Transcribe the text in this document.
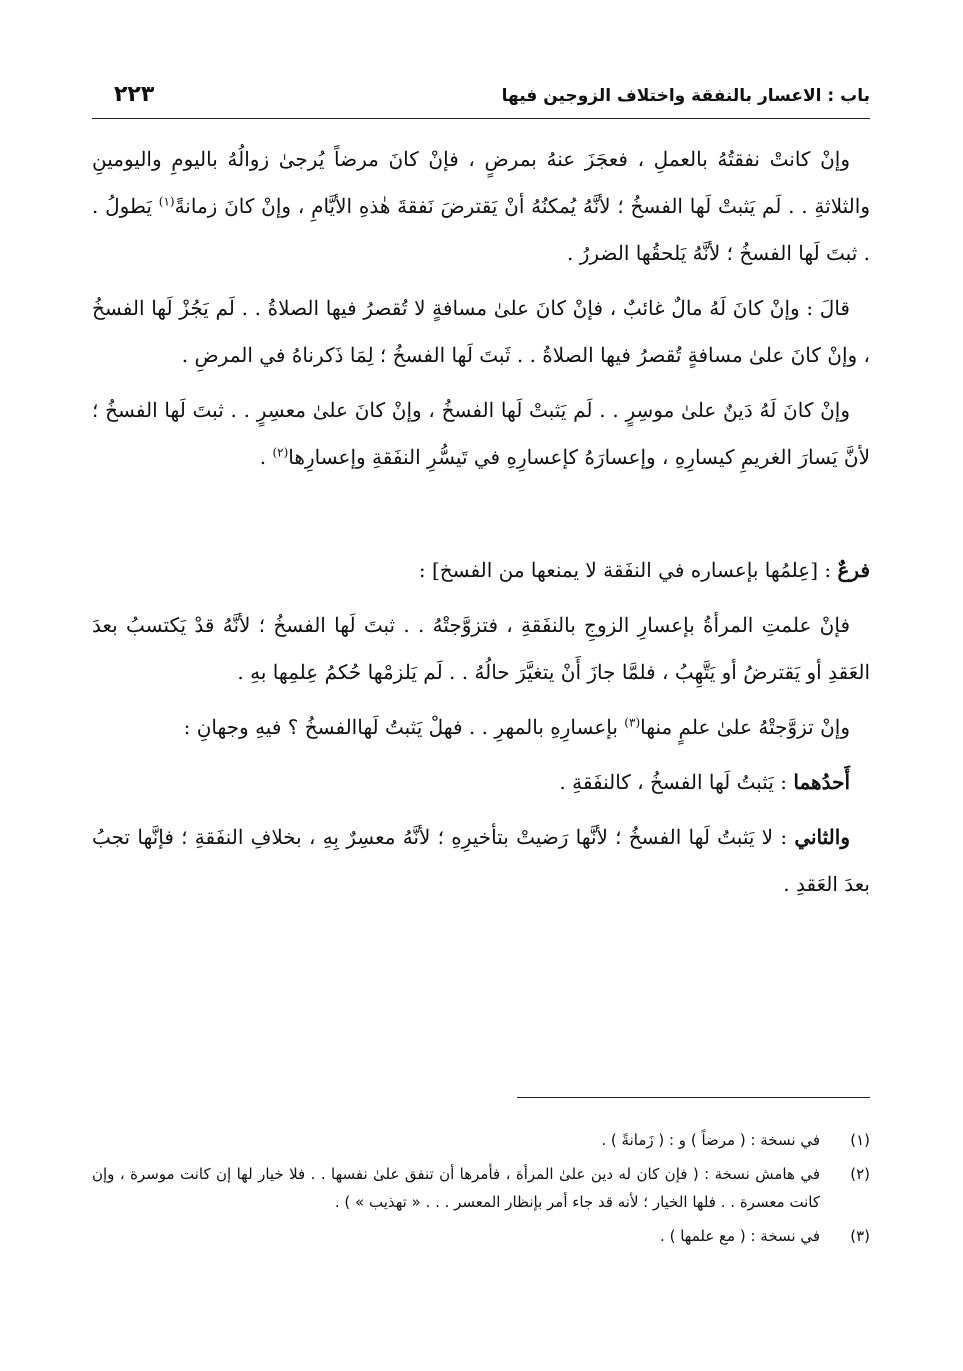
باب : الاعسار بالنفقة واختلاف الزوجين فيها
٢٢٣

وإنْ كانتْ نفقتُهُ بالعملِ ، فعجَزَ عنهُ بمرضٍ ، فإنْ كانَ مرضاً يُرجىٰ زوالُهُ باليومِ واليومينِ والثلاثةِ . . لَم يَثبتْ لَها الفسخُ ؛ لأنَّهُ يُمكنُهُ أنْ يَقترضَ نَفقةَ هٰذهِ الأيَّامِ ، وإنْ كانَ زمانةً$^{(١)}$ يَطولُ . . ثبتَ لَها الفسخُ ؛ لأنَّهُ يَلحقُها الضررُ .

قالَ : وإنْ كانَ لَهُ مالٌ غائبٌ ، فإنْ كانَ علىٰ مسافةٍ لا تُقصرُ فيها الصلاةُ . . لَم يَجُزْ لَها الفسخُ ، وإنْ كانَ علىٰ مسافةٍ تُقصرُ فيها الصلاةُ . . ثَبتَ لَها الفسخُ ؛ لِمَا ذَكرناهُ في المرضِ .

وإنْ كانَ لَهُ دَينٌ علىٰ موسِرٍ . . لَم يَثبتْ لَها الفسخُ ، وإنْ كانَ علىٰ معسِرٍ . . ثبتَ لَها الفسخُ ؛ لأنَّ يَسارَ الغريمِ كيسارِهِ ، وإعسارَهُ كإعسارِهِ في تَيسُّرِ النفَقةِ وإعسارِها$^{(٢)}$ .

فرعٌ : [عِلمُها بإعساره في النفَقة لا يمنعها من الفسخ] :

فإنْ علمتِ المرأةُ بإعسارِ الزوجِ بالنفَقةِ ، فتزوَّجتْهُ . . ثبتَ لَها الفسخُ ؛ لأنَّهُ قدْ يَكتسبُ بعدَ العَقدِ أو يَقترضُ أو يَتَّهِبُ ، فلمَّا جازَ أَنْ يتغيَّرَ حالُهُ . . لَم يَلزمْها حُكمُ عِلمِها بهِ .

وإنْ تزوَّجتْهُ علىٰ علمٍ منها$^{(٣)}$ بإعسارِهِ بالمهرِ . . فهلْ يَثبتُ لَهاالفسخُ ؟ فيهِ وجهانِ :

أَحدُهما : يَثبتُ لَها الفسخُ ، كالنفَقةِ .

والثاني : لا يَثبتُ لَها الفسخُ ؛ لأنَّها رَضيتْ بتأخيرِهِ ؛ لأنَّهُ معسِرٌ بِهِ ، بخلافِ النفَقةِ ؛ فإنَّها تجبُ بعدَ العَقدِ .

(١)
في نسخة : ( مرضاً ) و : ( زَمانةً ) .
(٢)
في هامش نسخة : ( فإن كان له دين علىٰ المرأة ، فأمرها أن تنفق علىٰ نفسها . . فلا خيار لها إن كانت موسرة ، وإن كانت معسرة . . فلها الخيار ؛ لأنه قد جاء أمر بإنظار المعسر . . . « تهذيب » ) .
(٣)
في نسخة : ( مع علمها ) .
